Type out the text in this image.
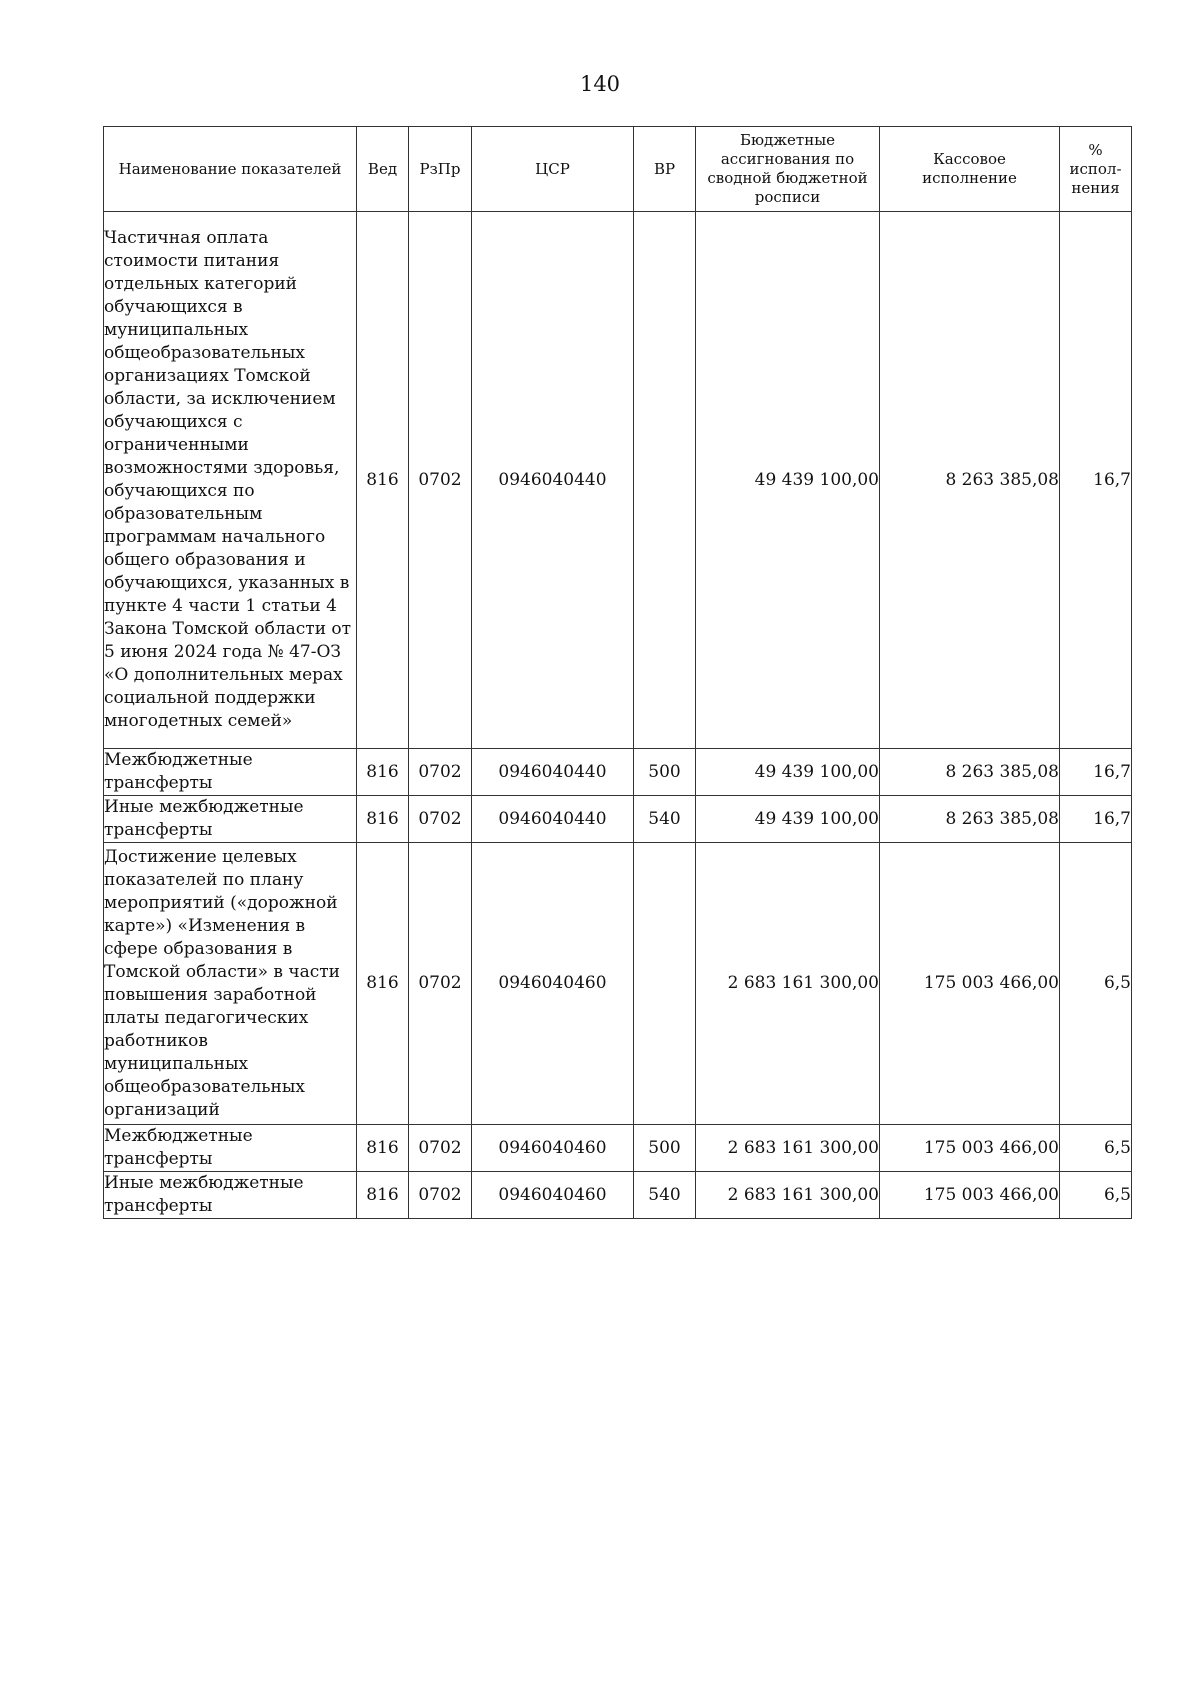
140
Наименование показателей	Вед	РзПр	ЦСР	ВР	Бюджетные ассигнования по сводной бюджетной росписи	Кассовое исполнение	% испол-нения
Частичная оплата стоимости питания отдельных категорий обучающихся в муниципальных общеобразовательных организациях Томской области, за исключением обучающихся с ограниченными возможностями здоровья, обучающихся по образовательным программам начального общего образования и обучающихся, указанных в пункте 4 части 1 статьи 4 Закона Томской области от 5 июня 2024 года № 47-ОЗ «О дополнительных мерах социальной поддержки многодетных семей»	816	0702	0946040440		49 439 100,00	8 263 385,08	16,7
Межбюджетные трансферты	816	0702	0946040440	500	49 439 100,00	8 263 385,08	16,7
Иные межбюджетные трансферты	816	0702	0946040440	540	49 439 100,00	8 263 385,08	16,7
Достижение целевых показателей по плану мероприятий («дорожной карте») «Изменения в сфере образования в Томской области» в части повышения заработной платы педагогических работников муниципальных общеобразовательных организаций	816	0702	0946040460		2 683 161 300,00	175 003 466,00	6,5
Межбюджетные трансферты	816	0702	0946040460	500	2 683 161 300,00	175 003 466,00	6,5
Иные межбюджетные трансферты	816	0702	0946040460	540	2 683 161 300,00	175 003 466,00	6,5
